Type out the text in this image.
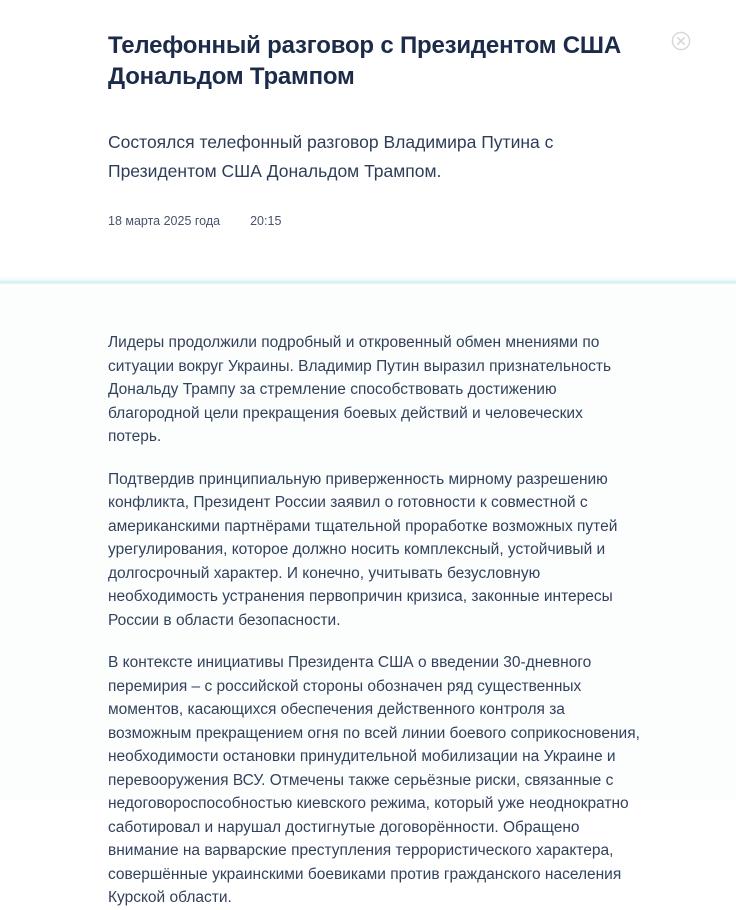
Телефонный разговор с Президентом США Дональдом Трампом

Состоялся телефонный разговор Владимира Путина с Президентом США Дональдом Трампом.

18 марта 2025 года 20:15

Лидеры продолжили подробный и откровенный обмен мнениями по ситуации вокруг Украины. Владимир Путин выразил признательность Дональду Трампу за стремление способствовать достижению благородной цели прекращения боевых действий и человеческих потерь.

Подтвердив принципиальную приверженность мирному разрешению конфликта, Президент России заявил о готовности к совместной с американскими партнёрами тщательной проработке возможных путей урегулирования, которое должно носить комплексный, устойчивый и долгосрочный характер. И конечно, учитывать безусловную необходимость устранения первопричин кризиса, законные интересы России в области безопасности.

В контексте инициативы Президента США о введении 30-дневного перемирия – с российской стороны обозначен ряд существенных моментов, касающихся обеспечения действенного контроля за возможным прекращением огня по всей линии боевого соприкосновения, необходимости остановки принудительной мобилизации на Украине и перевооружения ВСУ. Отмечены также серьёзные риски, связанные с недоговороспособностью киевского режима, который уже неоднократно саботировал и нарушал достигнутые договорённости. Обращено внимание на варварские преступления террористического характера, совершённые украинскими боевиками против гражданского населения Курской области.
